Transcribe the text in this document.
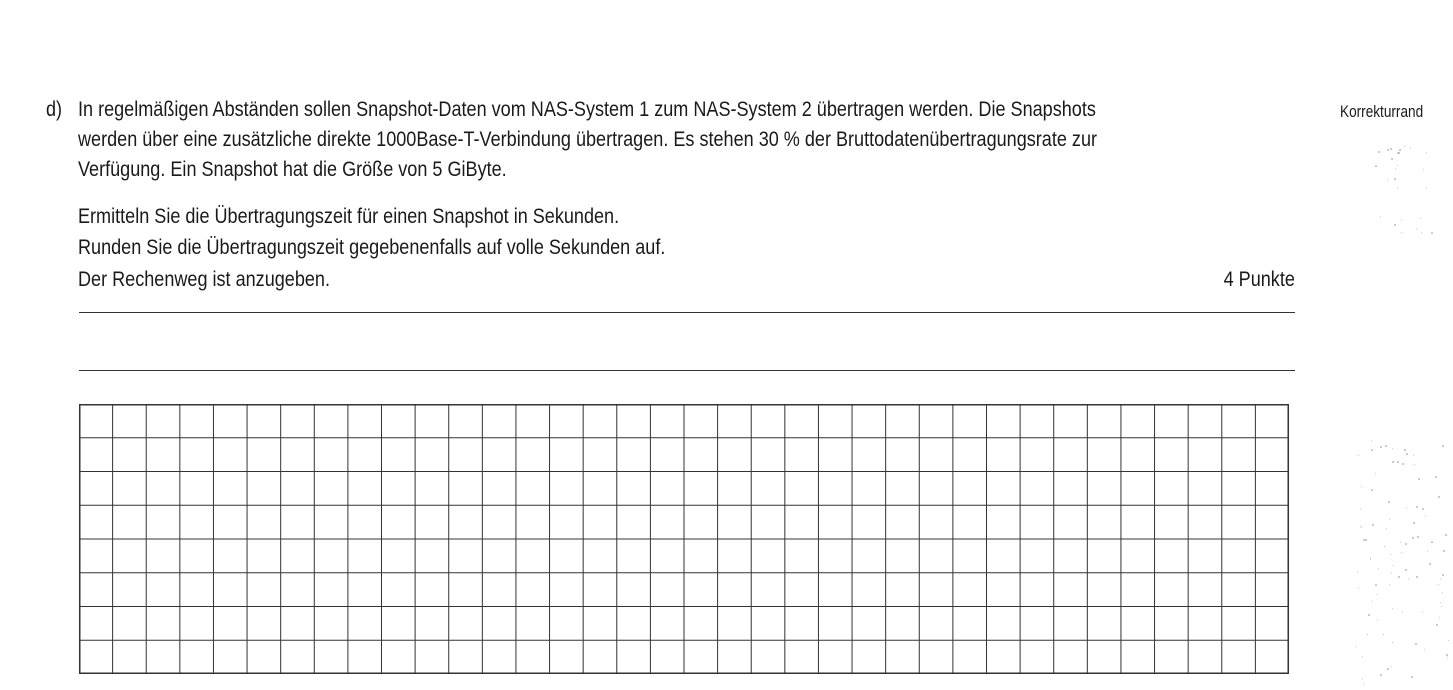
Korrekturrand
d) In regelmäßigen Abständen sollen Snapshot-Daten vom NAS-System 1 zum NAS-System 2 übertragen werden. Die Snapshots
werden über eine zusätzliche direkte 1000Base-T-Verbindung übertragen. Es stehen 30 % der Bruttodatenübertragungsrate zur
Verfügung. Ein Snapshot hat die Größe von 5 GiByte.
Ermitteln Sie die Übertragungszeit für einen Snapshot in Sekunden.
Runden Sie die Übertragungszeit gegebenenfalls auf volle Sekunden auf.
Der Rechenweg ist anzugeben.	4 Punkte
